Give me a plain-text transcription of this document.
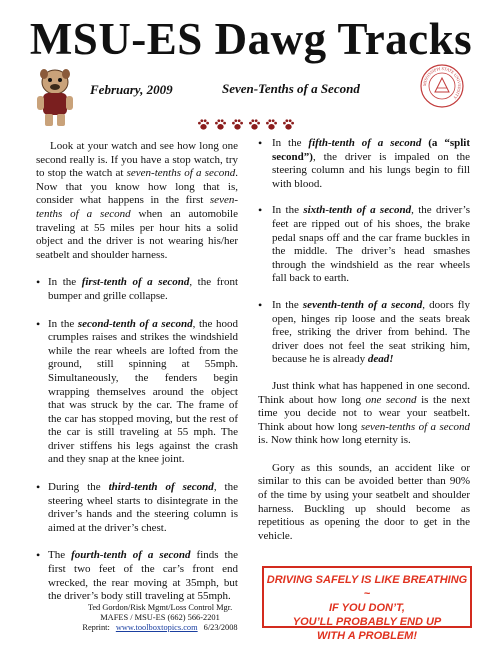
MSU-ES Dawg Tracks
February, 2009	Seven-Tenths of a Second	MISSISSIPPI STATE UNIVERSITY

Look at your watch and see how long one second really is. If you have a stop watch, try to stop the watch at seven-tenths of a second. Now that you know how long that is, consider what happens in the first seven-tenths of a second when an automobile traveling at 55 miles per hour hits a solid object and the driver is not wearing his/her seatbelt and shoulder harness.

• In the first-tenth of a second, the front bumper and grille collapse.
• In the second-tenth of a second, the hood crumples raises and strikes the windshield while the rear wheels are lofted from the ground, still spinning at 55mph. Simultaneously, the fenders begin wrapping themselves around the object that was struck by the car. The frame of the car has stopped moving, but the rest of the car is still traveling at 55 mph. The driver stiffens his legs against the crash and they snap at the knee joint.
• During the third-tenth of second, the steering wheel starts to disintegrate in the driver’s hands and the steering column is aimed at the driver’s chest.
• The fourth-tenth of a second finds the first two feet of the car’s front end wrecked, the rear moving at 35mph, but the driver’s body still traveling at 55mph.
• In the fifth-tenth of a second (a “split second”), the driver is impaled on the steering column and his lungs begin to fill with blood.
• In the sixth-tenth of a second, the driver’s feet are ripped out of his shoes, the brake pedal snaps off and the car frame buckles in the middle. The driver’s head smashes through the windshield as the rear wheels fall back to earth.
• In the seventh-tenth of a second, doors fly open, hinges rip loose and the seats break free, striking the driver from behind. The driver does not feel the seat striking him, because he is already dead!

Just think what has happened in one second. Think about how long one second is the next time you decide not to wear your seatbelt. Think about how long seven-tenths of a second is. Now think how long eternity is.

Gory as this sounds, an accident like or similar to this can be avoided better than 90% of the time by using your seatbelt and shoulder harness. Buckling up should become as repetitious as opening the door to get in the vehicle.

DRIVING SAFELY IS LIKE BREATHING ~
IF YOU DON’T,
YOU’LL PROBABLY END UP
WITH A PROBLEM!
Ted Gordon/Risk Mgmt/Loss Control Mgr.
MAFES / MSU-ES (662) 566-2201
Reprint: www.toolboxtopics.com 6/23/2008
